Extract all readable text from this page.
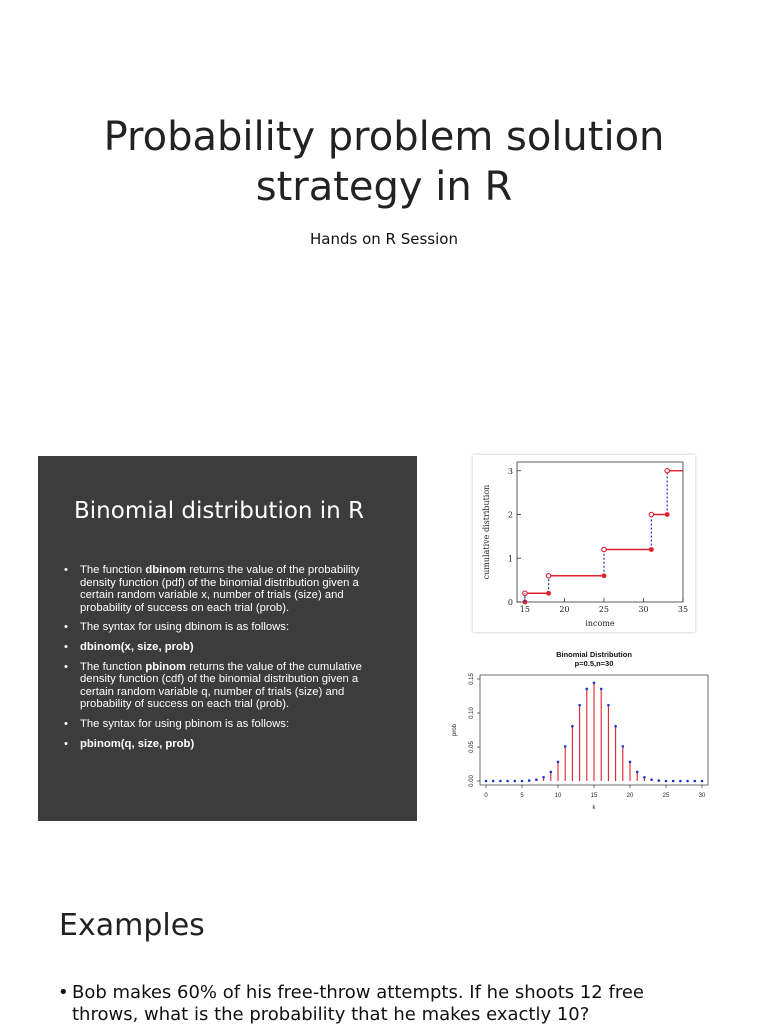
Probability problem solution
strategy in R
Hands on R Session
Binomial distribution in R
• The function dbinom returns the value of the probability density function (pdf) of the binomial distribution given a certain random variable x, number of trials (size) and probability of success on each trial (prob).
• The syntax for using dbinom is as follows:
• dbinom(x, size, prob)
• The function pbinom returns the value of the cumulative density function (cdf) of the binomial distribution given a certain random variable q, number of trials (size) and probability of success on each trial (prob).
• The syntax for using pbinom is as follows:
• pbinom(q, size, prob)
15	20	25	30	35
0
1
2
3
income
cumulative distribution
Binomial Distribution
p=0.5,n=30
0	5	10	15	20	25	30
0.00
0.05
0.10
0.15
k
prob
Examples
• Bob makes 60% of his free-throw attempts. If he shoots 12 free throws, what is the probability that he makes exactly 10?
